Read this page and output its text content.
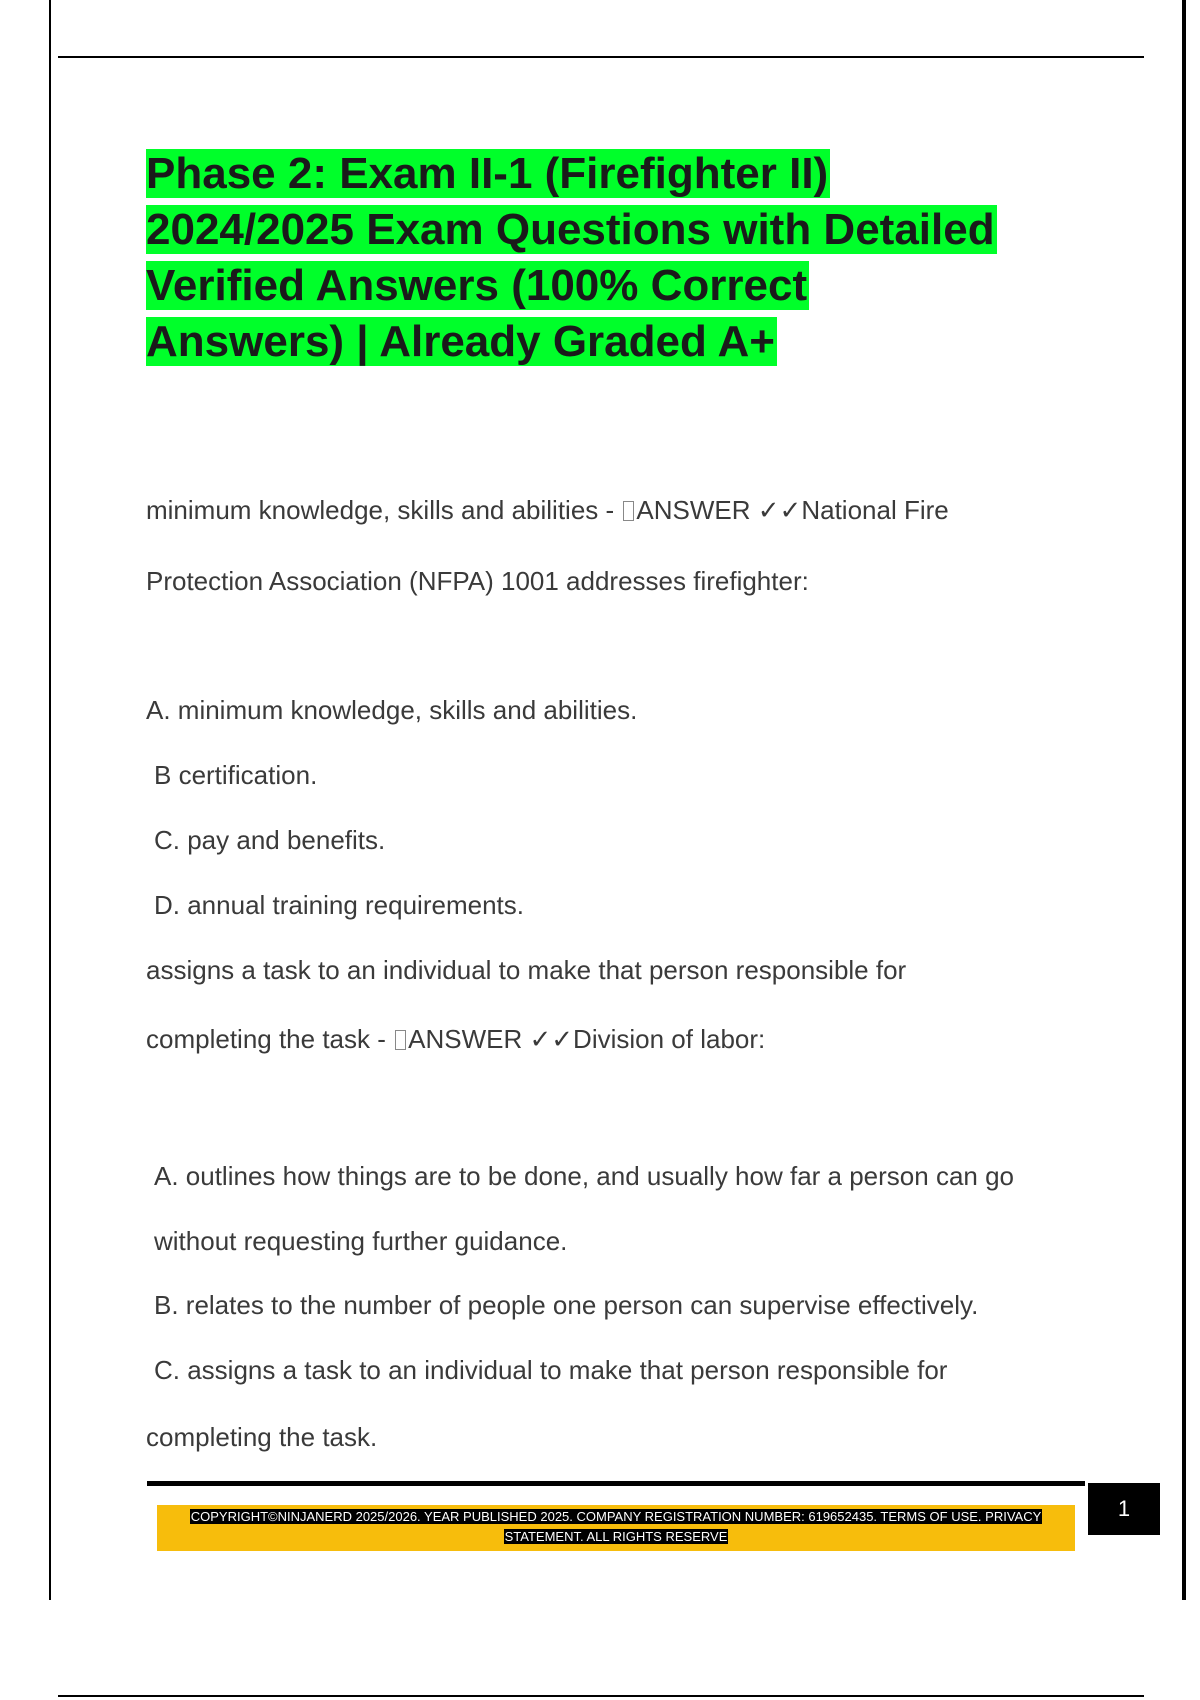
Phase 2: Exam II-1 (Firefighter II)
2024/2025 Exam Questions with Detailed
Verified Answers (100% Correct
Answers) | Already Graded A+

minimum knowledge, skills and abilities - ANSWER ✓✓National Fire

Protection Association (NFPA) 1001 addresses firefighter:

A. minimum knowledge, skills and abilities.

B certification.

C. pay and benefits.

D. annual training requirements.

assigns a task to an individual to make that person responsible for

completing the task - ANSWER ✓✓Division of labor:

A. outlines how things are to be done, and usually how far a person can go

without requesting further guidance.

B. relates to the number of people one person can supervise effectively.

C. assigns a task to an individual to make that person responsible for

completing the task.

COPYRIGHT©NINJANERD 2025/2026. YEAR PUBLISHED 2025. COMPANY REGISTRATION NUMBER: 619652435. TERMS OF USE. PRIVACY
STATEMENT. ALL RIGHTS RESERVE
1
